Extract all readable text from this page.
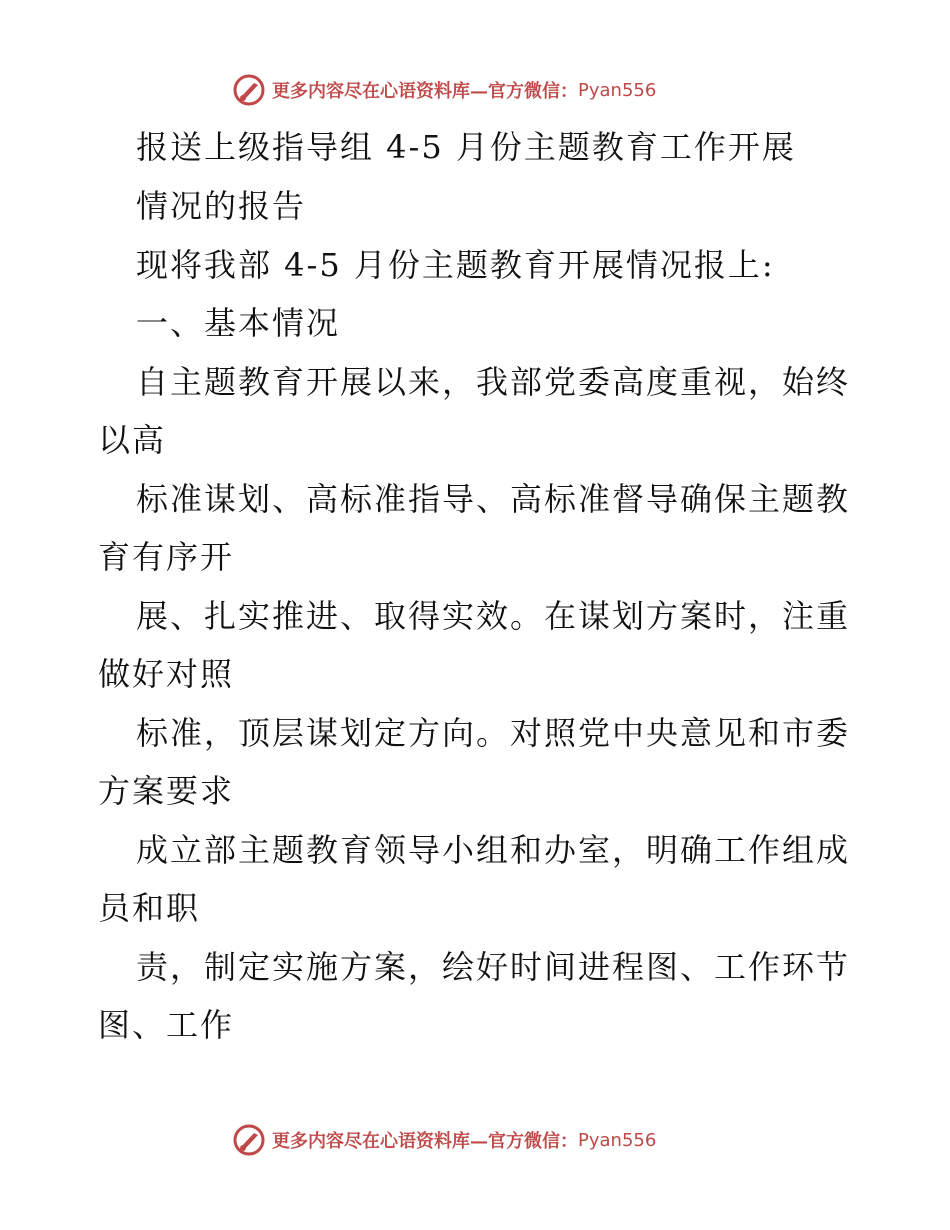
更多内容尽在心语资料库—官方微信： Pyan556
报送上级指导组 4-5 月份主题教育工作开展
情况的报告
现将我部 4-5 月份主题教育开展情况报上:
一、基本情况
自主题教育开展以来，我部党委高度重视，始终
以高
标准谋划、高标准指导、高标准督导确保主题教
育有序开
展、扎实推进、取得实效。在谋划方案时，注重
做好对照
标准，顶层谋划定方向。对照党中央意见和市委
方案要求
成立部主题教育领导小组和办室，明确工作组成
员和职
责，制定实施方案，绘好时间进程图、工作环节
图、工作
更多内容尽在心语资料库—官方微信： Pyan556
